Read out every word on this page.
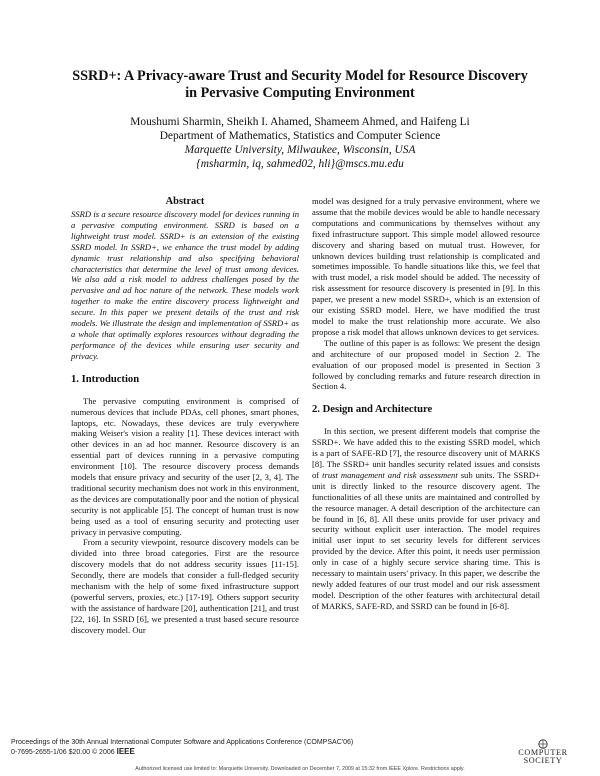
SSRD+: A Privacy-aware Trust and Security Model for Resource Discovery
in Pervasive Computing Environment
Moushumi Sharmin, Sheikh I. Ahamed, Shameem Ahmed, and Haifeng Li
Department of Mathematics, Statistics and Computer Science
Marquette University, Milwaukee, Wisconsin, USA
{msharmin, iq, sahmed02, hli}@mscs.mu.edu
Abstract

SSRD is a secure resource discovery model for devices running in a pervasive computing environment. SSRD is based on a lightweight trust model. SSRD+ is an extension of the existing SSRD model. In SSRD+, we enhance the trust model by adding dynamic trust relationship and also specifying behavioral characteristics that determine the level of trust among devices. We also add a risk model to address challenges posed by the pervasive and ad hoc nature of the network. These models work together to make the entire discovery process lightweight and secure. In this paper we present details of the trust and risk models. We illustrate the design and implementation of SSRD+ as a whole that optimally explores resources without degrading the performance of the devices while ensuring user security and privacy.

1. Introduction

The pervasive computing environment is comprised of numerous devices that include PDAs, cell phones, smart phones, laptops, etc. Nowadays, these devices are truly everywhere making Weiser's vision a reality [1]. These devices interact with other devices in an ad hoc manner. Resource discovery is an essential part of devices running in a pervasive computing environment [10]. The resource discovery process demands models that ensure privacy and security of the user [2, 3, 4]. The traditional security mechanism does not work in this environment, as the devices are computationally poor and the notion of physical security is not applicable [5]. The concept of human trust is now being used as a tool of ensuring security and protecting user privacy in pervasive computing.

From a security viewpoint, resource discovery models can be divided into three broad categories. First are the resource discovery models that do not address security issues [11-15]. Secondly, there are models that consider a full-fledged security mechanism with the help of some fixed infrastructure support (powerful servers, proxies, etc.) [17-19]. Others support security with the assistance of hardware [20], authentication [21], and trust [22, 16]. In SSRD [6], we presented a trust based secure resource discovery model. Our

model was designed for a truly pervasive environment, where we assume that the mobile devices would be able to handle necessary computations and communications by themselves without any fixed infrastructure support. This simple model allowed resource discovery and sharing based on mutual trust. However, for unknown devices building trust relationship is complicated and sometimes impossible. To handle situations like this, we feel that with trust model, a risk model should be added. The necessity of risk assessment for resource discovery is presented in [9]. In this paper, we present a new model SSRD+, which is an extension of our existing SSRD model. Here, we have modified the trust model to make the trust relationship more accurate. We also propose a risk model that allows unknown devices to get services.

The outline of this paper is as follows: We present the design and architecture of our proposed model in Section 2. The evaluation of our proposed model is presented in Section 3 followed by concluding remarks and future research direction in Section 4.

2. Design and Architecture

In this section, we present different models that comprise the SSRD+. We have added this to the existing SSRD model, which is a part of SAFE-RD [7], the resource discovery unit of MARKS [8]. The SSRD+ unit handles security related issues and consists of trust management and risk assessment sub units. The SSRD+ unit is directly linked to the resource discovery agent. The functionalities of all these units are maintained and controlled by the resource manager. A detail description of the architecture can be found in [6, 8]. All these units provide for user privacy and security without explicit user interaction. The model requires initial user input to set security levels for different services provided by the device. After this point, it needs user permission only in case of a highly secure service sharing time. This is necessary to maintain users' privacy. In this paper, we describe the newly added features of our trust model and our risk assessment model. Description of the other features with architectural detail of MARKS, SAFE-RD, and SSRD can be found in [6-8].

Proceedings of the 30th Annual International Computer Software and Applications Conference (COMPSAC'06)
0-7695-2655-1/06 $20.00 © 2006 IEEE	COMPUTER
SOCIETY
Authorized licensed use limited to: Marquette University. Downloaded on December 7, 2009 at 15:32 from IEEE Xplore. Restrictions apply.
